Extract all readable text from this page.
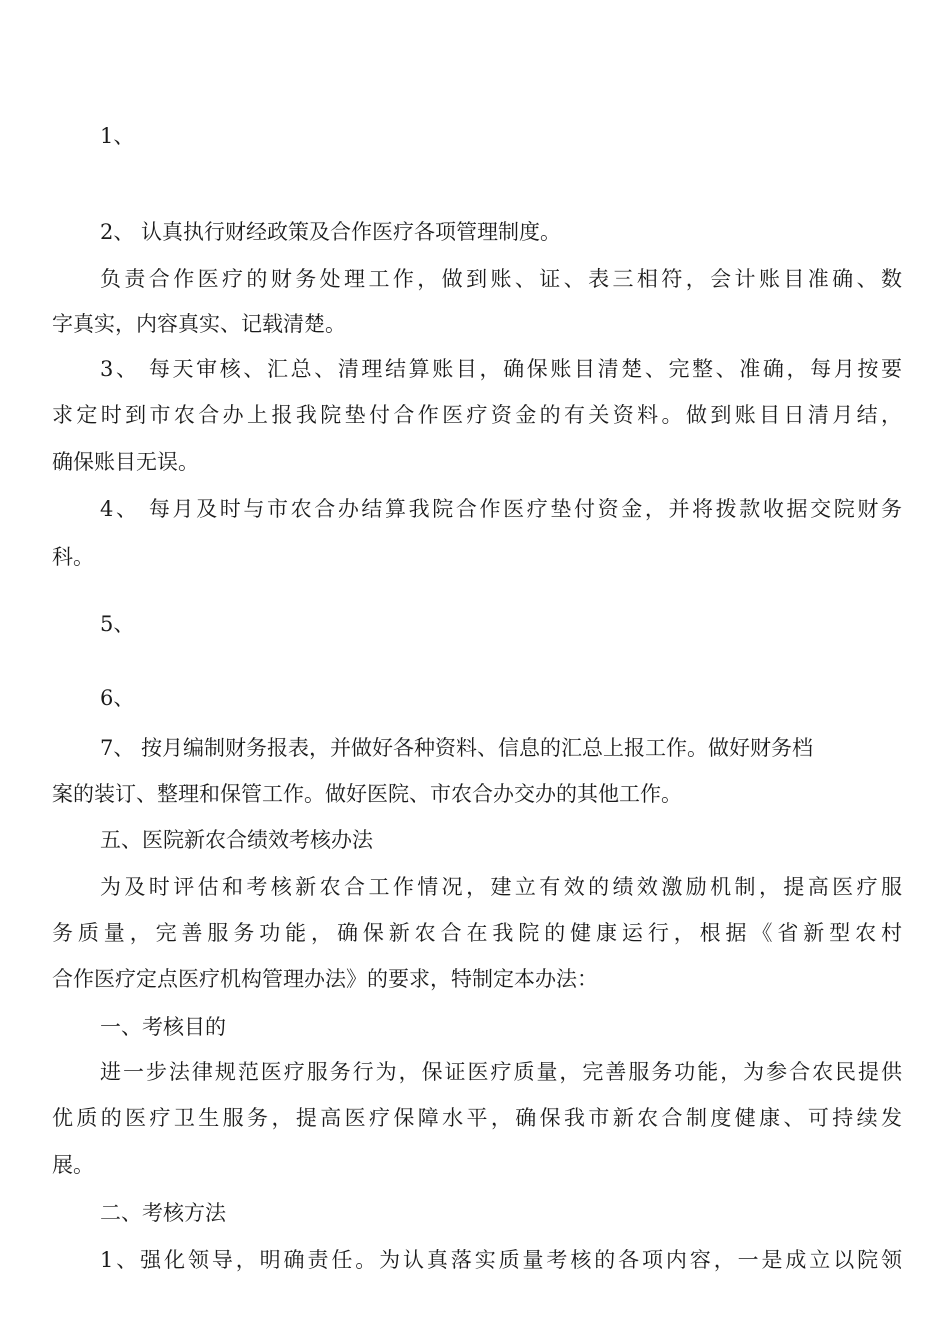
1、
2、 认真执行财经政策及合作医疗各项管理制度。
负责合作医疗的财务处理工作，做到账、证、表三相符，会计账目准确、数
字真实，内容真实、记载清楚。
3、 每天审核、汇总、清理结算账目，确保账目清楚、完整、准确，每月按要
求定时到市农合办上报我院垫付合作医疗资金的有关资料。做到账目日清月结，
确保账目无误。
4、 每月及时与市农合办结算我院合作医疗垫付资金，并将拨款收据交院财务
科。
5、
6、
7、 按月编制财务报表，并做好各种资料、信息的汇总上报工作。做好财务档
案的装订、整理和保管工作。做好医院、市农合办交办的其他工作。
五、医院新农合绩效考核办法
为及时评估和考核新农合工作情况，建立有效的绩效激励机制，提高医疗服
务质量，完善服务功能，确保新农合在我院的健康运行，根据《省新型农村
合作医疗定点医疗机构管理办法》的要求，特制定本办法：
一、考核目的
进一步法律规范医疗服务行为，保证医疗质量，完善服务功能，为参合农民提供
优质的医疗卫生服务，提高医疗保障水平，确保我市新农合制度健康、可持续发
展。
二、考核方法
1、强化领导，明确责任。为认真落实质量考核的各项内容，一是成立以院领
